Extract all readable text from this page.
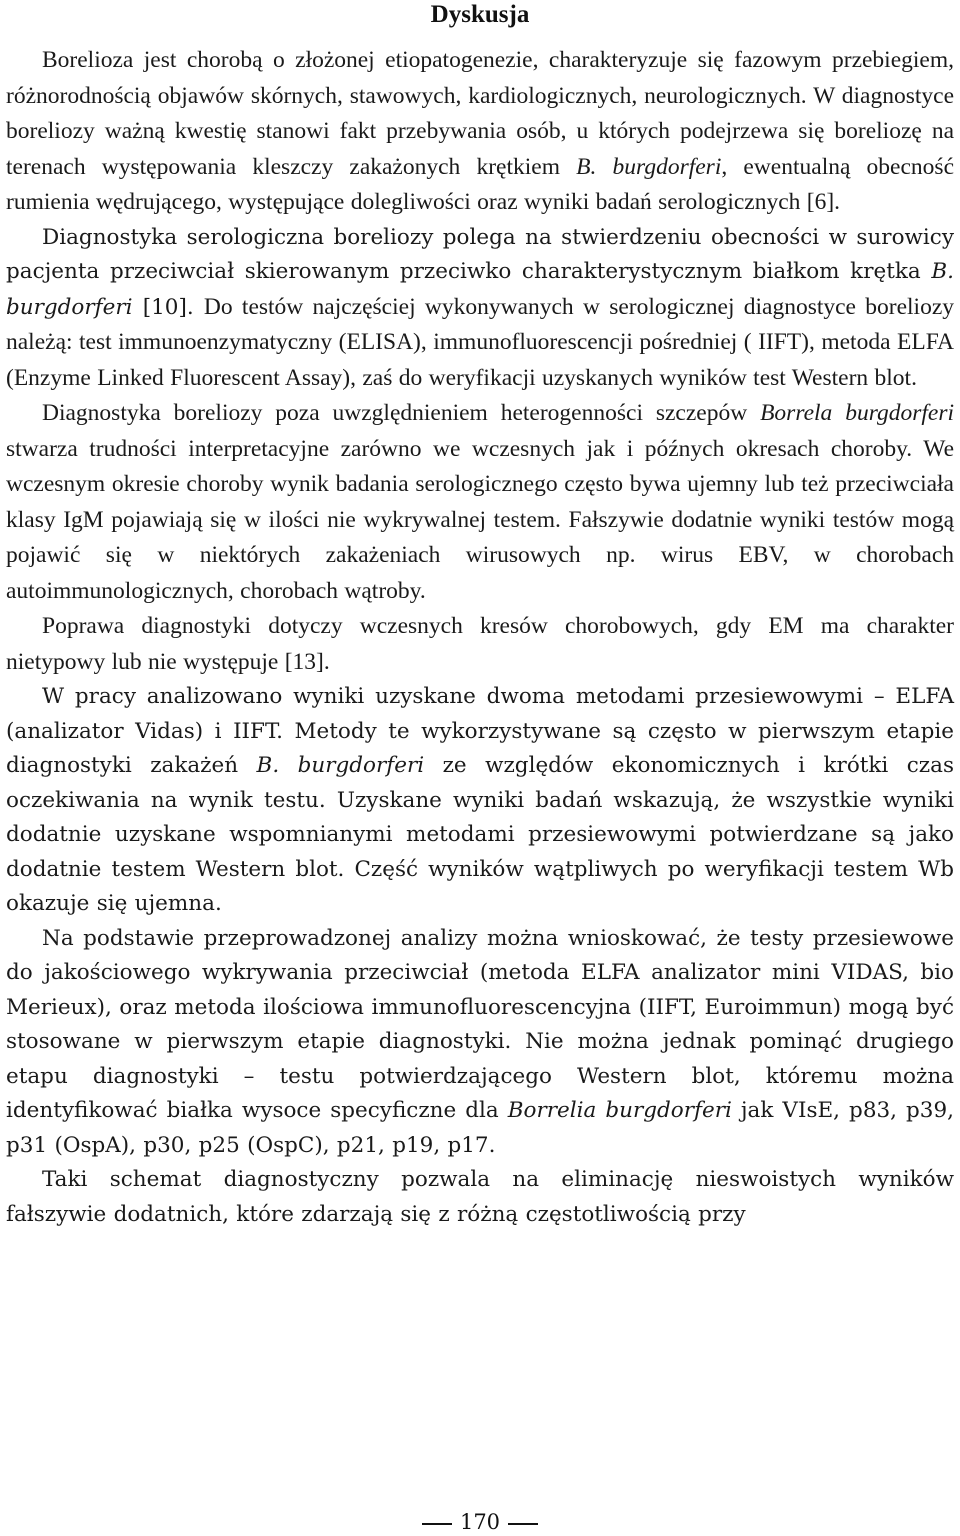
Dyskusja

Borelioza jest chorobą o złożonej etiopatogenezie, charakteryzuje się fazowym przebiegiem, różnorodnością objawów skórnych, stawowych, kardiologicznych, neurologicznych. W diagnostyce boreliozy ważną kwestię stanowi fakt przebywania osób, u których podejrzewa się boreliozę na terenach występowania kleszczy zakażonych krętkiem B. burgdorferi, ewentualną obecność rumienia wędrującego, występujące dolegliwości oraz wyniki badań serologicznych [6].

Diagnostyka serologiczna boreliozy polega na stwierdzeniu obecności w surowicy pacjenta przeciwciał skierowanym przeciwko charakterystycznym białkom krętka B. burgdorferi [10]. Do testów najczęściej wykonywanych w serologicznej diagnostyce boreliozy należą: test immunoenzymatyczny (ELISA), immunofluorescencji pośredniej ( IIFT), metoda ELFA (Enzyme Linked Fluorescent Assay), zaś do weryfikacji uzyskanych wyników test Western blot.

Diagnostyka boreliozy poza uwzględnieniem heterogenności szczepów Borrela burgdorferi stwarza trudności interpretacyjne zarówno we wczesnych jak i późnych okresach choroby. We wczesnym okresie choroby wynik badania serologicznego często bywa ujemny lub też przeciwciała klasy IgM pojawiają się w ilości nie wykrywalnej testem. Fałszywie dodatnie wyniki testów mogą pojawić się w niektórych zakażeniach wirusowych np. wirus EBV, w chorobach autoimmunologicznych, chorobach wątroby.

Poprawa diagnostyki dotyczy wczesnych kresów chorobowych, gdy EM ma charakter nietypowy lub nie występuje [13].

W pracy analizowano wyniki uzyskane dwoma metodami przesiewowymi – ELFA (analizator Vidas) i IIFT. Metody te wykorzystywane są często w pierwszym etapie diagnostyki zakażeń B. burgdorferi ze względów ekonomicznych i krótki czas oczekiwania na wynik testu. Uzyskane wyniki badań wskazują, że wszystkie wyniki dodatnie uzyskane wspomnianymi metodami przesiewowymi potwierdzane są jako dodatnie testem Western blot. Część wyników wątpliwych po weryfikacji testem Wb okazuje się ujemna.

Na podstawie przeprowadzonej analizy można wnioskować, że testy przesiewowe do jakościowego wykrywania przeciwciał (metoda ELFA analizator mini VIDAS, bio Merieux), oraz metoda ilościowa immunofluorescencyjna (IIFT, Euroimmun) mogą być stosowane w pierwszym etapie diagnostyki. Nie można jednak pominąć drugiego etapu diagnostyki – testu potwierdzającego Western blot, któremu można identyfikować białka wysoce specyficzne dla Borrelia burgdorferi jak VIsE, p83, p39, p31 (OspA), p30, p25 (OspC), p21, p19, p17.

Taki schemat diagnostyczny pozwala na eliminację nieswoistych wyników fałszywie dodatnich, które zdarzają się z różną częstotliwością przy

170
